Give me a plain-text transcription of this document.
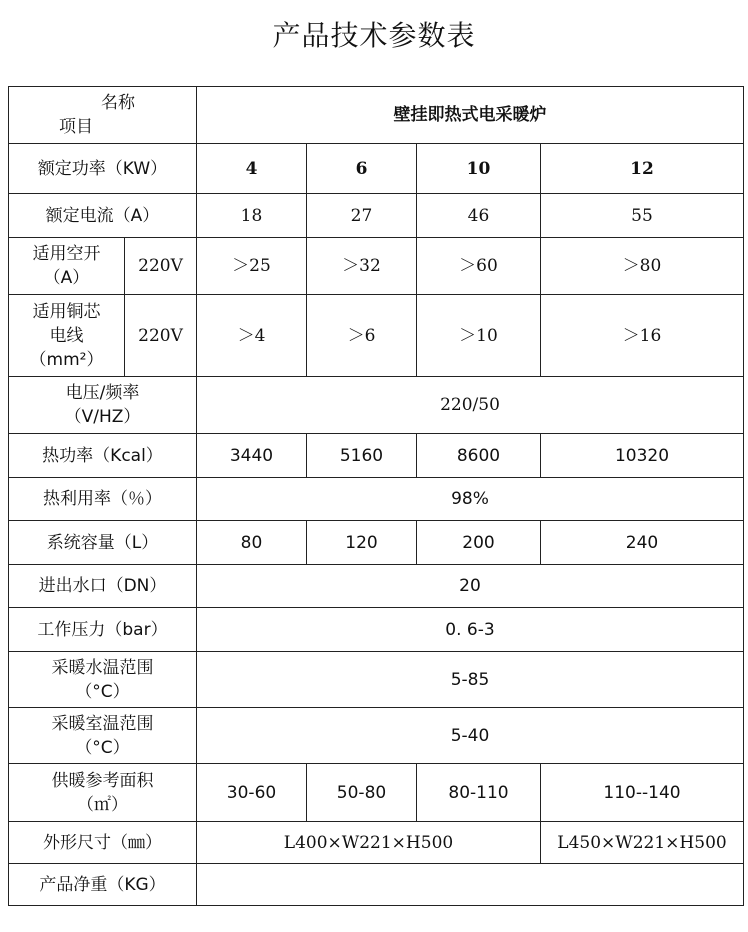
产品技术参数表
名称
项目		壁挂即热式电采暖炉			
额定功率（KW）		4	6	10	12
额定电流（A）		18	27	46	55

适用空开
（A）	220V	＞25	＞32	＞60	＞80

适用铜芯
电线
（mm²）	220V	＞4	＞6	＞10	＞16

电压/频率
（V/HZ）		220/50			
热功率（Kcal）		3440	5160	8600	10320
热利用率（％）		98%			
系统容量（L）		80	120	200	240
进出水口（DN）		20			
工作压力（bar）		0. 6-3			

采暖水温范围
（°C）		5-85			

采暖室温范围
（°C）		5-40			

供暖参考面积
（㎡）		30-60	50-80	80-110	110--140
外形尺寸（㎜）		L400×W221×H500			L450×W221×H500
产品净重（KG）					
